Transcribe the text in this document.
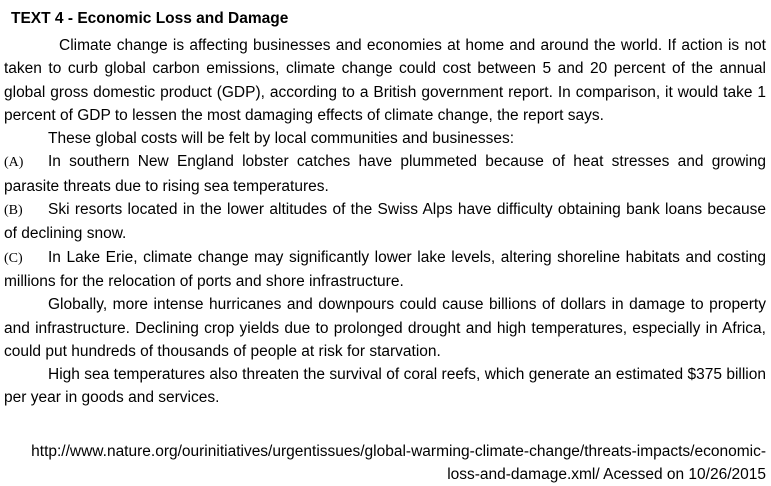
TEXT 4 - Economic Loss and Damage

Climate change is affecting businesses and economies at home and around the world. If action is not taken to curb global carbon emissions, climate change could cost between 5 and 20 percent of the annual global gross domestic product (GDP), according to a British government report. In comparison, it would take 1 percent of GDP to lessen the most damaging effects of climate change, the report says.

These global costs will be felt by local communities and businesses:

(A) In southern New England lobster catches have plummeted because of heat stresses and growing parasite threats due to rising sea temperatures.

(B) Ski resorts located in the lower altitudes of the Swiss Alps have difficulty obtaining bank loans because of declining snow.

(C) In Lake Erie, climate change may significantly lower lake levels, altering shoreline habitats and costing millions for the relocation of ports and shore infrastructure.

Globally, more intense hurricanes and downpours could cause billions of dollars in damage to property and infrastructure. Declining crop yields due to prolonged drought and high temperatures, especially in Africa, could put hundreds of thousands of people at risk for starvation.

High sea temperatures also threaten the survival of coral reefs, which generate an estimated $375 billion per year in goods and services.

http://www.nature.org/ourinitiatives/urgentissues/global-warming-climate-change/threats-impacts/economic-
loss-and-damage.xml/ Acessed on 10/26/2015
